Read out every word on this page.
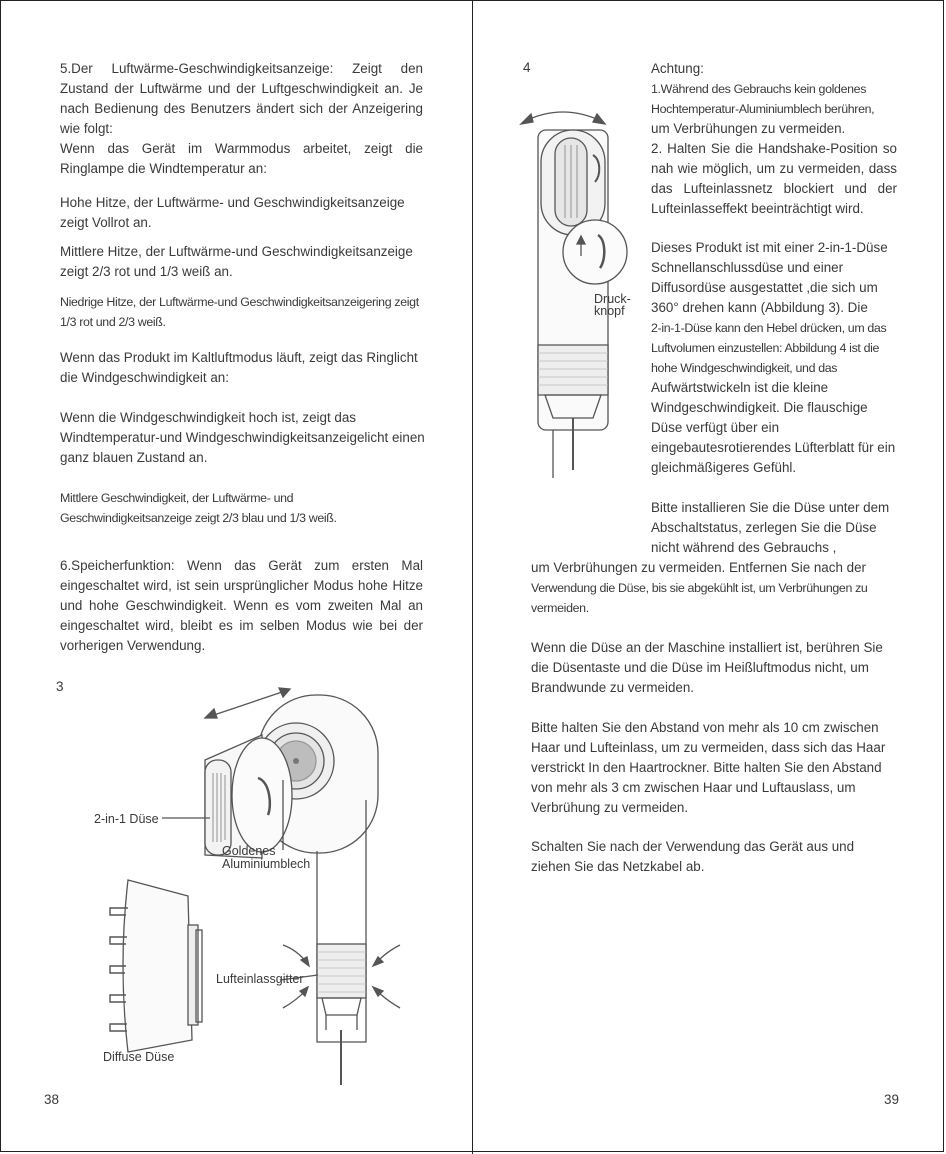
5.Der Luftwärme-Geschwindigkeitsanzeige: Zeigt den Zustand der Luftwärme und der Luftgeschwindigkeit an. Je nach Bedienung des Benutzers ändert sich der Anzeigering wie folgt:

Wenn das Gerät im Warmmodus arbeitet, zeigt die Ringlampe die Windtemperatur an:

Hohe Hitze, der Luftwärme- und Geschwindigkeitsanzeige zeigt Vollrot an.

Mittlere Hitze, der Luftwärme-und Geschwindigkeitsanzeige zeigt 2/3 rot und 1/3 weiß an.

Niedrige Hitze, der Luftwärme-und Geschwindigkeitsanzeigering zeigt 1/3 rot und 2/3 weiß.

Wenn das Produkt im Kaltluftmodus läuft, zeigt das Ringlicht die Windgeschwindigkeit an:

Wenn die Windgeschwindigkeit hoch ist, zeigt das Windtemperatur-und Windgeschwindigkeitsanzeigelicht einen ganz blauen Zustand an.

Mittlere Geschwindigkeit, der Luftwärme- und Geschwindigkeitsanzeige zeigt 2/3 blau und 1/3 weiß.

6.Speicherfunktion: Wenn das Gerät zum ersten Mal eingeschaltet wird, ist sein ursprünglicher Modus hohe Hitze und hohe Geschwindigkeit. Wenn es vom zweiten Mal an eingeschaltet wird, bleibt es im selben Modus wie bei der vorherigen Verwendung.

3
2-in-1 Düse
Goldenes
Aluminiumblech
Lufteinlassgitter
Diffuse Düse
38
4
Druck-
knopf

Achtung:

1.Während des Gebrauchs kein goldenes Hochtemperatur-Aluminiumblech berühren,

um Verbrühungen zu vermeiden.

2. Halten Sie die Handshake-Position so nah wie möglich, um zu vermeiden, dass das Lufteinlassnetz blockiert und der Lufteinlasseffekt beeinträchtigt wird.

Dieses Produkt ist mit einer 2-in-1-Düse Schnellanschlussdüse und einer Diffusordüse ausgestattet ,die sich um 360° drehen kann (Abbildung 3). Die

2-in-1-Düse kann den Hebel drücken, um das Luftvolumen einzustellen: Abbildung 4 ist die hohe Windgeschwindigkeit, und das

Aufwärtstwickeln ist die kleine Windgeschwindigkeit. Die flauschige Düse verfügt über ein eingebautesrotierendes Lüfterblatt für ein gleichmäßigeres Gefühl.

Bitte installieren Sie die Düse unter dem Abschaltstatus, zerlegen Sie die Düse nicht während des Gebrauchs ,

um Verbrühungen zu vermeiden. Entfernen Sie nach der

Verwendung die Düse, bis sie abgekühlt ist, um Verbrühungen zu vermeiden.

Wenn die Düse an der Maschine installiert ist, berühren Sie die Düsentaste und die Düse im Heißluftmodus nicht, um Brandwunde zu vermeiden.

Bitte halten Sie den Abstand von mehr als 10 cm zwischen Haar und Lufteinlass, um zu vermeiden, dass sich das Haar verstrickt In den Haartrockner. Bitte halten Sie den Abstand von mehr als 3 cm zwischen Haar und Luftauslass, um Verbrühung zu vermeiden.

Schalten Sie nach der Verwendung das Gerät aus und ziehen Sie das Netzkabel ab.

39
